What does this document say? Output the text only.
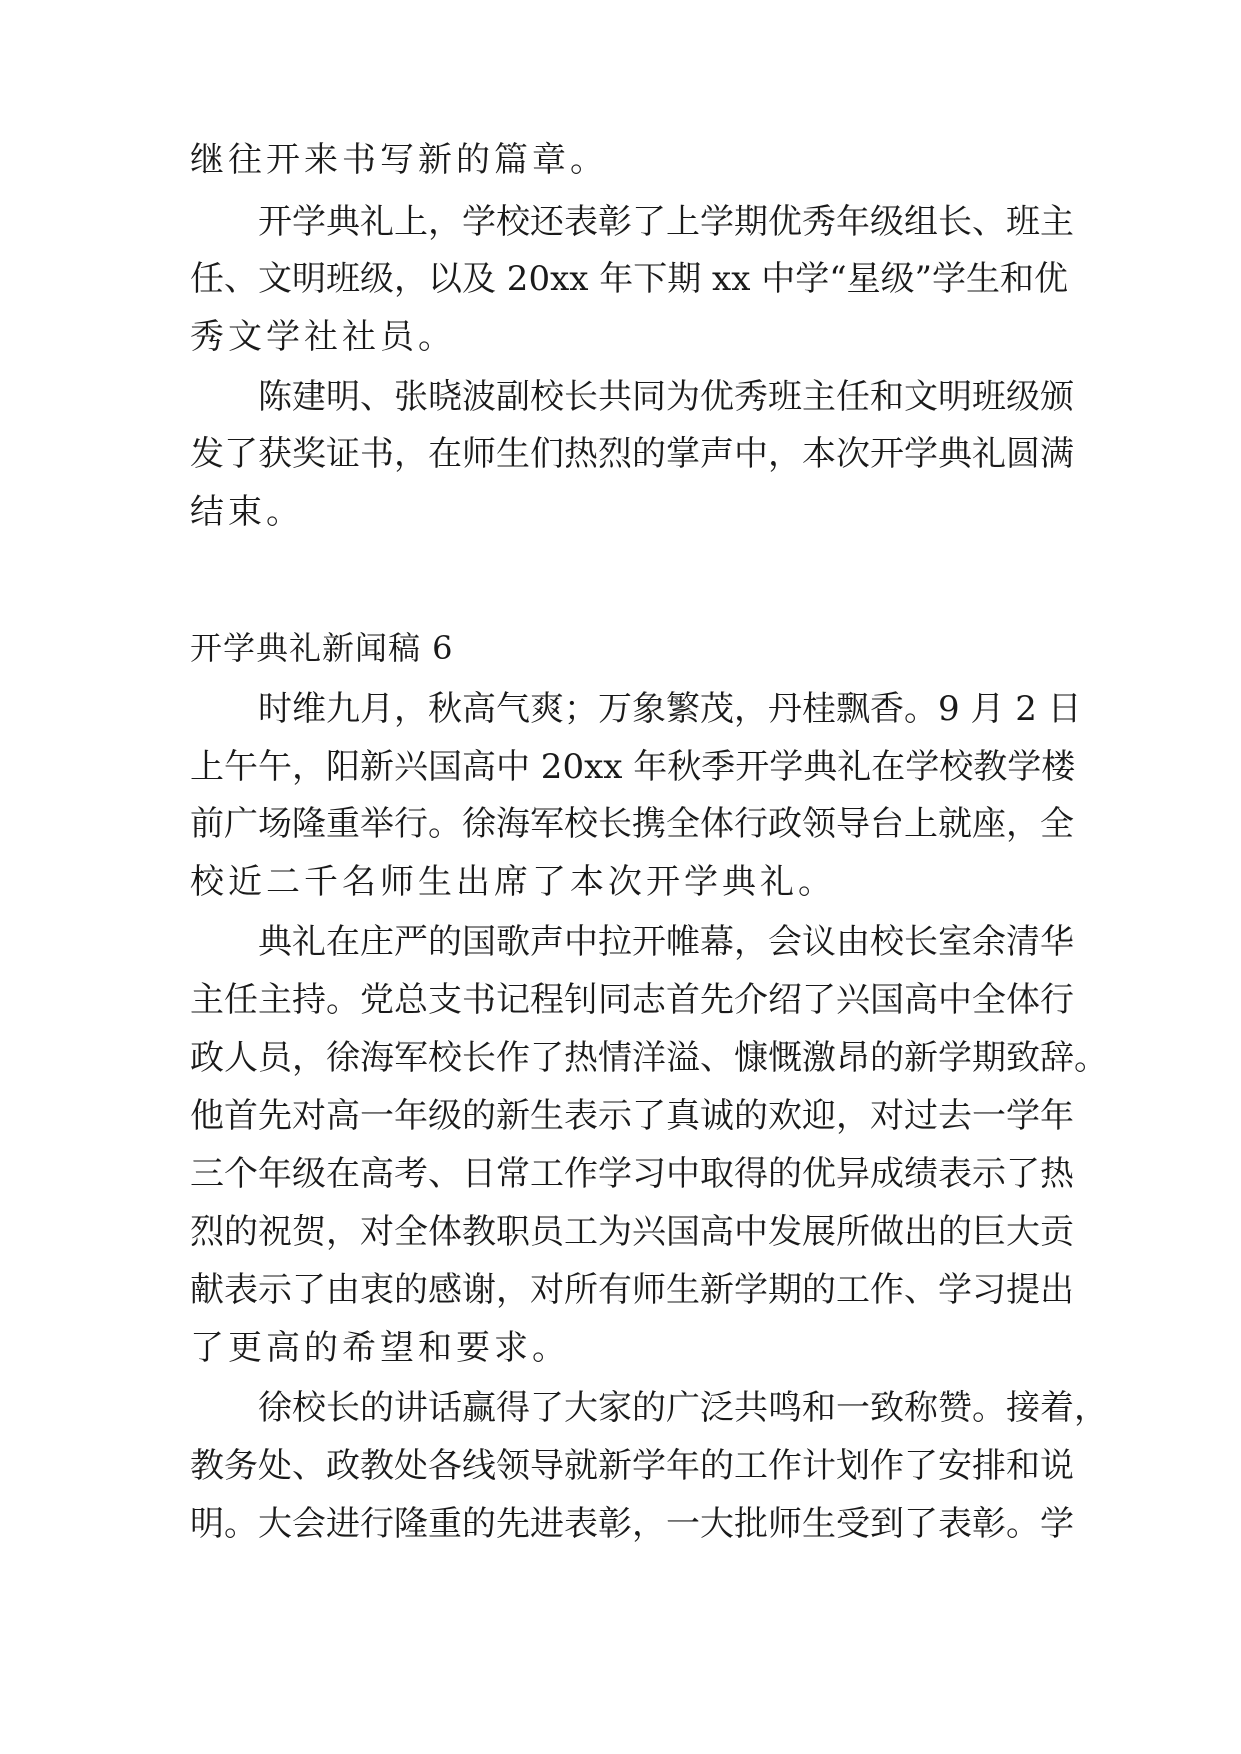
继往开来书写新的篇章。
开学典礼上，学校还表彰了上学期优秀年级组长、班主
任、文明班级，以及 20xx 年下期 xx 中学“星级”学生和优
秀文学社社员。
陈建明、张晓波副校长共同为优秀班主任和文明班级颁
发了获奖证书，在师生们热烈的掌声中，本次开学典礼圆满
结束。
开学典礼新闻稿 6
时维九月，秋高气爽；万象繁茂，丹桂飘香。9 月 2 日
上午午，阳新兴国高中 20xx 年秋季开学典礼在学校教学楼
前广场隆重举行。徐海军校长携全体行政领导台上就座，全
校近二千名师生出席了本次开学典礼。
典礼在庄严的国歌声中拉开帷幕，会议由校长室余清华
主任主持。党总支书记程钊同志首先介绍了兴国高中全体行
政人员，徐海军校长作了热情洋溢、慷慨激昂的新学期致辞。
他首先对高一年级的新生表示了真诚的欢迎，对过去一学年
三个年级在高考、日常工作学习中取得的优异成绩表示了热
烈的祝贺，对全体教职员工为兴国高中发展所做出的巨大贡
献表示了由衷的感谢，对所有师生新学期的工作、学习提出
了更高的希望和要求。
徐校长的讲话赢得了大家的广泛共鸣和一致称赞。接着，
教务处、政教处各线领导就新学年的工作计划作了安排和说
明。大会进行隆重的先进表彰，一大批师生受到了表彰。学
